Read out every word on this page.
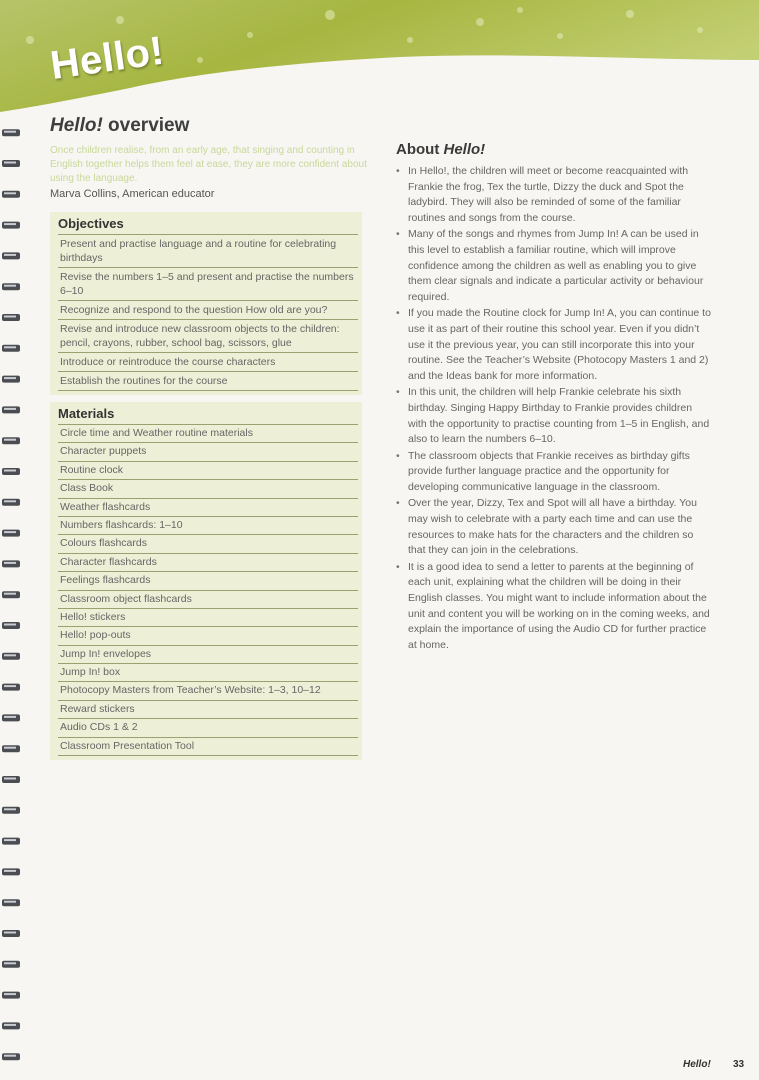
Hello!
Hello! overview
Once children realise, from an early age, that singing and counting in English together helps them feel at ease, they are more confident about using the language.
Marva Collins, American educator
Objectives
Present and practise language and a routine for celebrating birthdays
Revise the numbers 1–5 and present and practise the numbers 6–10
Recognize and respond to the question How old are you?
Revise and introduce new classroom objects to the children: pencil, crayons, rubber, school bag, scissors, glue
Introduce or reintroduce the course characters
Establish the routines for the course
Materials
Circle time and Weather routine materials
Character puppets
Routine clock
Class Book
Weather flashcards
Numbers flashcards: 1–10
Colours flashcards
Character flashcards
Feelings flashcards
Classroom object flashcards
Hello! stickers
Hello! pop-outs
Jump In! envelopes
Jump In! box
Photocopy Masters from Teacher’s Website: 1–3, 10–12
Reward stickers
Audio CDs 1 & 2
Classroom Presentation Tool
About Hello!
• In Hello!, the children will meet or become reacquainted with Frankie the frog, Tex the turtle, Dizzy the duck and Spot the ladybird. They will also be reminded of some of the familiar routines and songs from the course.
• Many of the songs and rhymes from Jump In! A can be used in this level to establish a familiar routine, which will improve confidence among the children as well as enabling you to give them clear signals and indicate a particular activity or behaviour required.
• If you made the Routine clock for Jump In! A, you can continue to use it as part of their routine this school year. Even if you didn’t use it the previous year, you can still incorporate this into your routine. See the Teacher’s Website (Photocopy Masters 1 and 2) and the Ideas bank for more information.
• In this unit, the children will help Frankie celebrate his sixth birthday. Singing Happy Birthday to Frankie provides children with the opportunity to practise counting from 1–5 in English, and also to learn the numbers 6–10.
• The classroom objects that Frankie receives as birthday gifts provide further language practice and the opportunity for developing communicative language in the classroom.
• Over the year, Dizzy, Tex and Spot will all have a birthday. You may wish to celebrate with a party each time and can use the resources to make hats for the characters and the children so that they can join in the celebrations.
• It is a good idea to send a letter to parents at the beginning of each unit, explaining what the children will be doing in their English classes. You might want to include information about the unit and content you will be working on in the coming weeks, and explain the importance of using the Audio CD for further practice at home.
Hello! 33
